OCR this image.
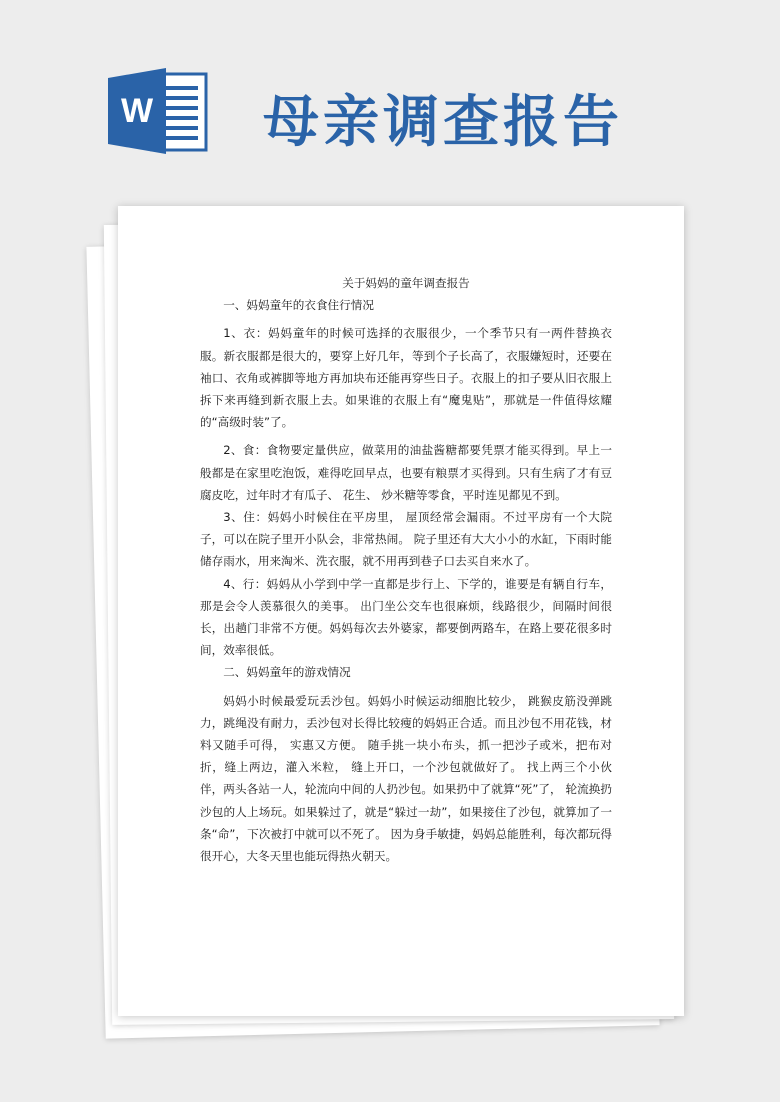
W 母亲调查报告

关于妈妈的童年调查报告

一、妈妈童年的衣食住行情况

1、衣：妈妈童年的时候可选择的衣服很少，一个季节只有一两件替换衣服。新衣服都是很大的，要穿上好几年，等到个子长高了，衣服嫌短时，还要在袖口、衣角或裤脚等地方再加块布还能再穿些日子。衣服上的扣子要从旧衣服上拆下来再缝到新衣服上去。如果谁的衣服上有“魔鬼贴”，那就是一件值得炫耀的“高级时装”了。

2、食：食物要定量供应，做菜用的油盐酱糖都要凭票才能买得到。早上一般都是在家里吃泡饭，难得吃回早点，也要有粮票才买得到。只有生病了才有豆腐皮吃，过年时才有瓜子、 花生、 炒米糖等零食，平时连见都见不到。

3、住：妈妈小时候住在平房里， 屋顶经常会漏雨。不过平房有一个大院子，可以在院子里开小队会，非常热闹。 院子里还有大大小小的水缸，下雨时能储存雨水，用来淘米、洗衣服，就不用再到巷子口去买自来水了。

4、行：妈妈从小学到中学一直都是步行上、下学的，谁要是有辆自行车，那是会令人羡慕很久的美事。 出门坐公交车也很麻烦，线路很少，间隔时间很长，出趟门非常不方便。妈妈每次去外婆家，都要倒两路车，在路上要花很多时间，效率很低。

二、妈妈童年的游戏情况

妈妈小时候最爱玩丢沙包。妈妈小时候运动细胞比较少， 跳猴皮筋没弹跳力，跳绳没有耐力，丢沙包对长得比较瘦的妈妈正合适。而且沙包不用花钱，材料又随手可得， 实惠又方便。 随手挑一块小布头，抓一把沙子或米，把布对折，缝上两边，灌入米粒， 缝上开口，一个沙包就做好了。 找上两三个小伙伴，两头各站一人，轮流向中间的人扔沙包。如果扔中了就算“死”了， 轮流换扔沙包的人上场玩。如果躲过了，就是“躲过一劫”，如果接住了沙包，就算加了一条“命”，下次被打中就可以不死了。 因为身手敏捷，妈妈总能胜利，每次都玩得很开心，大冬天里也能玩得热火朝天。
